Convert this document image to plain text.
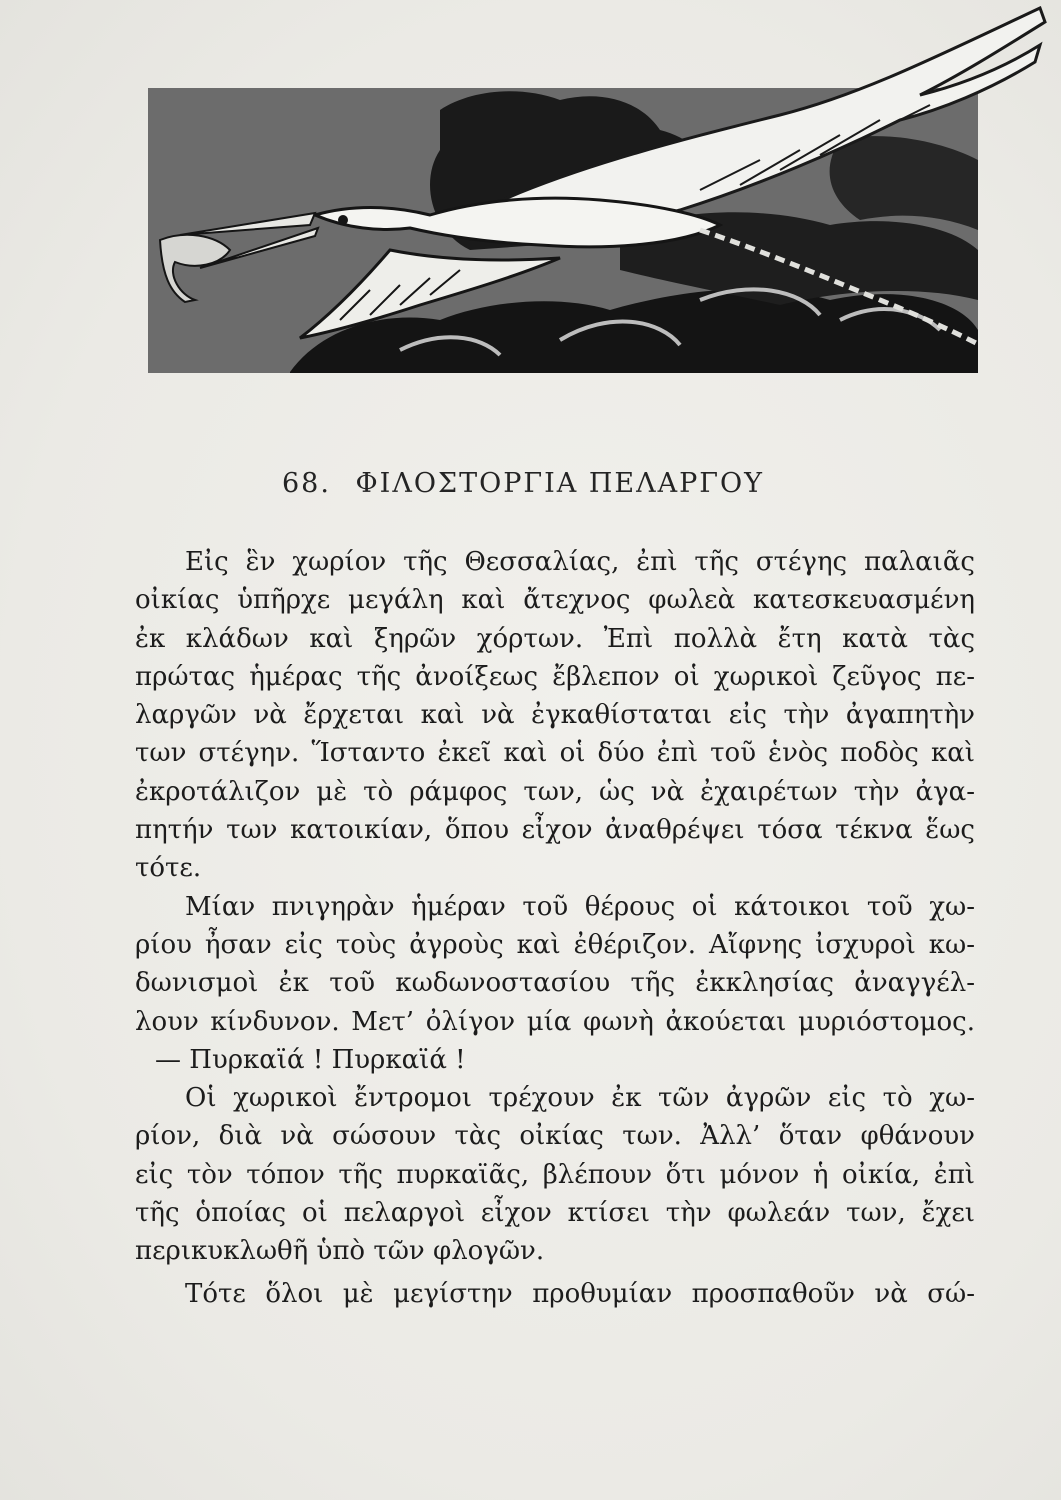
68. ΦΙΛΟΣΤΟΡΓΙΑ ΠΕΛΑΡΓΟΥ

Εἰς ἓν χωρίον τῆς Θεσσαλίας, ἐπὶ τῆς στέγης παλαιᾶς
οἰκίας ὑπῆρχε μεγάλη καὶ ἄτεχνος φωλεὰ κατεσκευασμένη
ἐκ κλάδων καὶ ξηρῶν χόρτων. Ἐπὶ πολλὰ ἔτη κατὰ τὰς
πρώτας ἡμέρας τῆς ἀνοίξεως ἔβλεπον οἱ χωρικοὶ ζεῦγος πε-
λαργῶν νὰ ἔρχεται καὶ νὰ ἐγκαθίσταται εἰς τὴν ἀγαπητὴν
των στέγην. Ἵσταντο ἐκεῖ καὶ οἱ δύο ἐπὶ τοῦ ἑνὸς ποδὸς καὶ
ἐκροτάλιζον μὲ τὸ ράμφος των, ὡς νὰ ἐχαιρέτων τὴν ἀγα-
πητήν των κατοικίαν, ὅπου εἶχον ἀναθρέψει τόσα τέκνα ἕως
τότε.

Μίαν πνιγηρὰν ἡμέραν τοῦ θέρους οἱ κάτοικοι τοῦ χω-
ρίου ἦσαν εἰς τοὺς ἀγροὺς καὶ ἐθέριζον. Αἴφνης ἰσχυροὶ κω-
δωνισμοὶ ἐκ τοῦ κωδωνοστασίου τῆς ἐκκλησίας ἀναγγέλ-
λουν κίνδυνον. Μετ’ ὀλίγον μία φωνὴ ἀκούεται μυριόστομος.

— Πυρκαϊά ! Πυρκαϊά !

Οἱ χωρικοὶ ἔντρομοι τρέχουν ἐκ τῶν ἀγρῶν εἰς τὸ χω-
ρίον, διὰ νὰ σώσουν τὰς οἰκίας των. Ἀλλ’ ὅταν φθάνουν
εἰς τὸν τόπον τῆς πυρκαϊᾶς, βλέπουν ὅτι μόνον ἡ οἰκία, ἐπὶ
τῆς ὁποίας οἱ πελαργοὶ εἶχον κτίσει τὴν φωλεάν των, ἔχει
περικυκλωθῆ ὑπὸ τῶν φλογῶν.

Τότε ὅλοι μὲ μεγίστην προθυμίαν προσπαθοῦν νὰ σώ-
